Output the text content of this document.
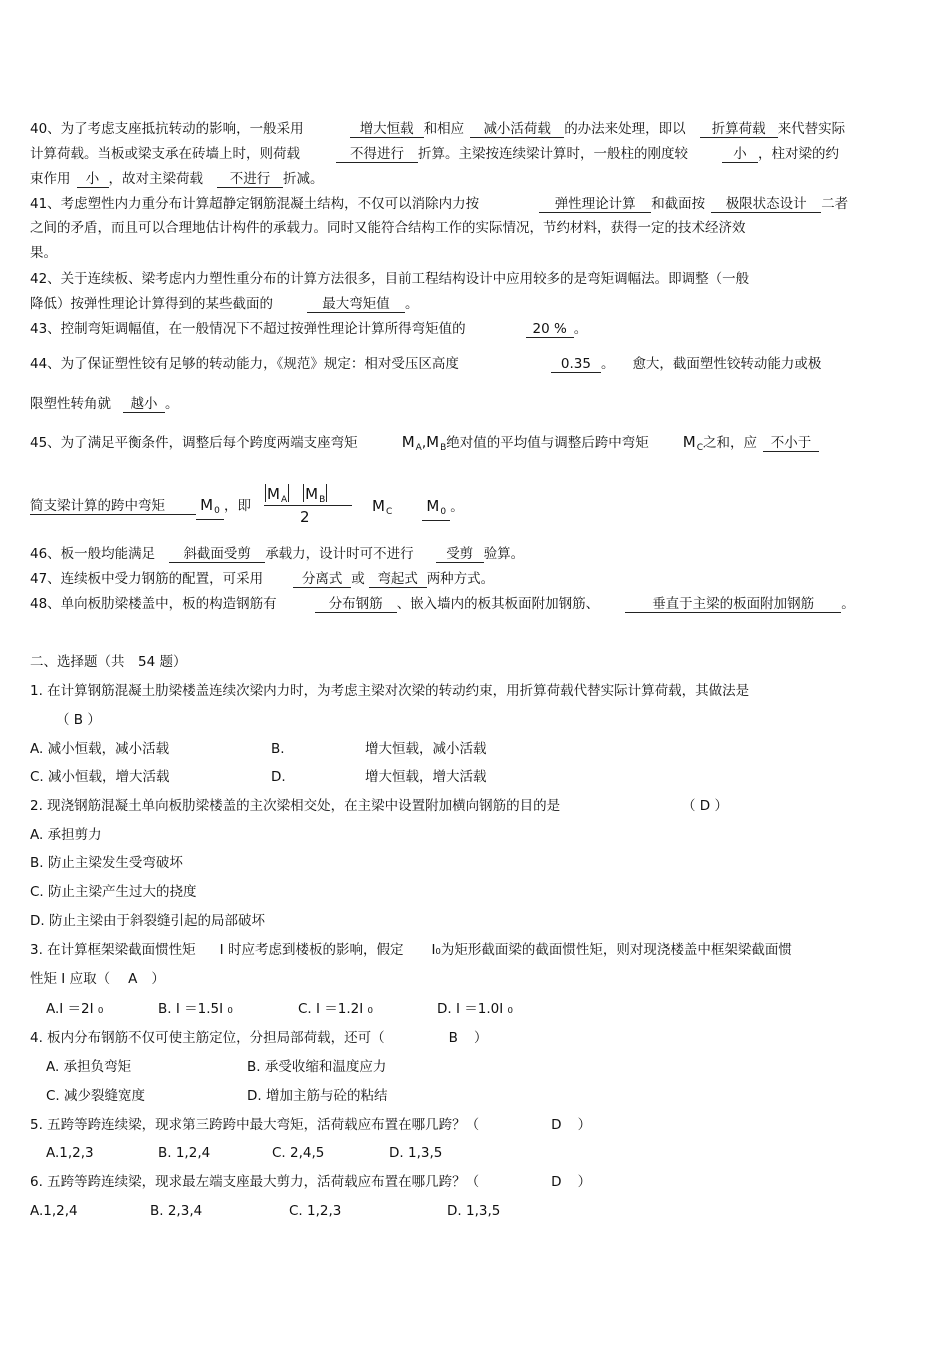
40、为了考虑支座抵抗转动的影响，一般采用	增大恒载 和相应 减小活荷载 的办法来处理，即以 折算荷载 来代替实际
计算荷载。当板或梁支承在砖墙上时，则荷载	不得进行 折算。主梁按连续梁计算时，一般柱的刚度较	小 ，柱对梁的约
束作用 小 ，故对主梁荷载 不进行 折减。
41、考虑塑性内力重分布计算超静定钢筋混凝土结构，不仅可以消除内力按	弹性理论计算 和截面按 极限状态设计 二者
之间的矛盾，而且可以合理地估计构件的承载力。同时又能符合结构工作的实际情况，节约材料，获得一定的技术经济效
果。
42、关于连续板、梁考虑内力塑性重分布的计算方法很多，目前工程结构设计中应用较多的是弯矩调幅法。即调整（一般
降低）按弹性理论计算得到的某些截面的	最大弯矩值 。
43、控制弯矩调幅值，在一般情况下不超过按弹性理论计算所得弯矩值的	20 % 。
44、为了保证塑性铰有足够的转动能力，《规范》规定：相对受压区高度	0.35 。 愈大，截面塑性铰转动能力或极
限塑性转角就 越小 。
45、为了满足平衡条件，调整后每个跨度两端支座弯矩	$M_A,M_B$绝对值的平均值与调整后跨中弯矩 $M_C$之和，应 不小于
简支梁计算的跨中弯矩 $M_0$ ，即
$M_A$ $M_B$
2
$M_C$ $M_0$ 。
46、板一般均能满足 斜截面受剪 承载力，设计时可不进行 受剪 验算。
47、连续板中受力钢筋的配置，可采用	分离式 或 弯起式 两种方式。
48、单向板肋梁楼盖中，板的构造钢筋有	分布钢筋 、嵌入墙内的板其板面附加钢筋、	垂直于主梁的板面附加钢筋 。
二、选择题（共　54 题）
1. 在计算钢筋混凝土肋梁楼盖连续次梁内力时，为考虑主梁对次梁的转动约束，用折算荷载代替实际计算荷载，其做法是
（ B ）
A. 减小恒载，减小活载	B.	增大恒载，减小活载
C. 减小恒载，增大活载	D.	增大恒载，增大活载
2. 现浇钢筋混凝土单向板肋梁楼盖的主次梁相交处，在主梁中设置附加横向钢筋的目的是	（ D ）
A. 承担剪力
B. 防止主梁发生受弯破坏
C. 防止主梁产生过大的挠度
D. 防止主梁由于斜裂缝引起的局部破坏
3. 在计算框架梁截面惯性矩 I 时应考虑到楼板的影响，假定 I₀为矩形截面梁的截面惯性矩，则对现浇楼盖中框架梁截面惯
性矩 I 应取（ A ）
A.I ＝2I ₀	B. I ＝1.5I ₀	C. I ＝1.2I ₀	D. I ＝1.0I ₀
4. 板内分布钢筋不仅可使主筋定位，分担局部荷载，还可（	B ）
A. 承担负弯矩	B. 承受收缩和温度应力
C. 减少裂缝宽度	D. 增加主筋与砼的粘结
5. 五跨等跨连续梁，现求第三跨跨中最大弯矩，活荷载应布置在哪几跨？（	D ）
A.1,2,3	B. 1,2,4	C. 2,4,5	D. 1,3,5
6. 五跨等跨连续梁，现求最左端支座最大剪力，活荷载应布置在哪几跨？（	D ）
A.1,2,4	B. 2,3,4	C. 1,2,3	D. 1,3,5
